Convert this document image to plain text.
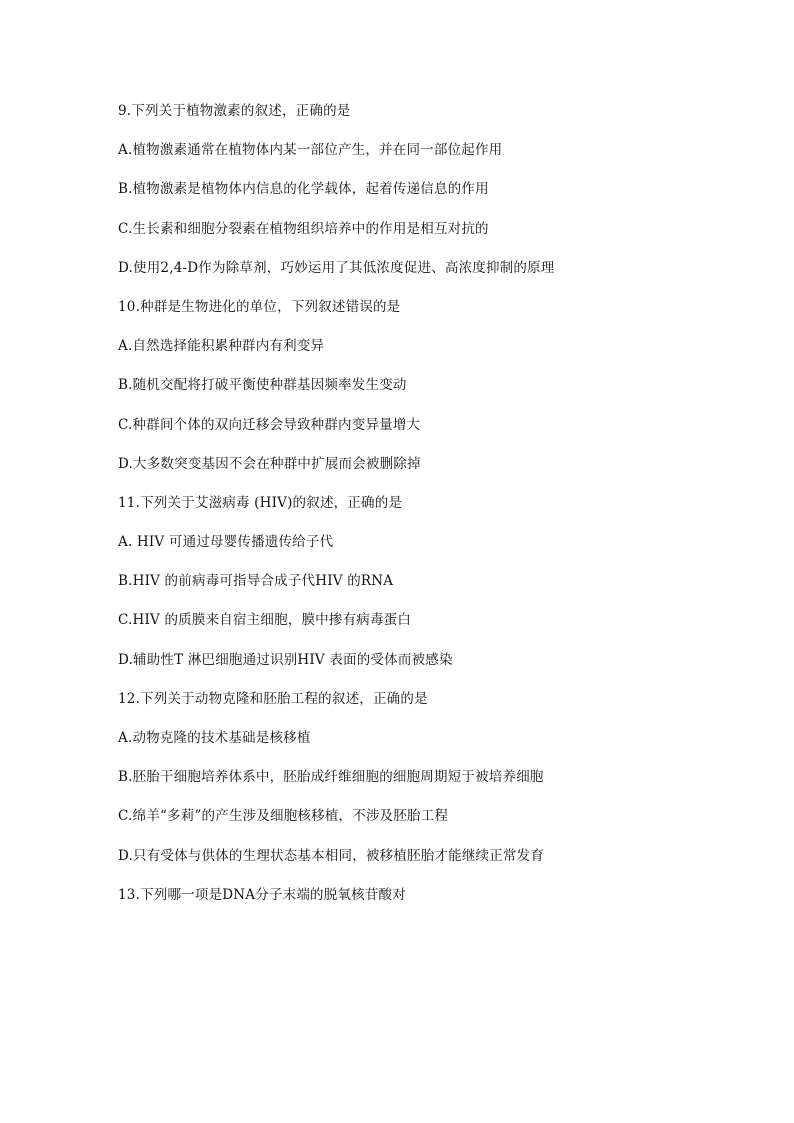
9.下列关于植物激素的叙述，正确的是
A.植物激素通常在植物体内某一部位产生，并在同一部位起作用
B.植物激素是植物体内信息的化学载体，起着传递信息的作用
C.生长素和细胞分裂素在植物组织培养中的作用是相互对抗的
D.使用2,4-D作为除草剂，巧妙运用了其低浓度促进、高浓度抑制的原理
10.种群是生物进化的单位，下列叙述错误的是
A.自然选择能积累种群内有利变异
B.随机交配将打破平衡使种群基因频率发生变动
C.种群间个体的双向迁移会导致种群内变异量增大
D.大多数突变基因不会在种群中扩展而会被删除掉
11.下列关于艾滋病毒 (HIV)的叙述，正确的是
A. HIV 可通过母婴传播遗传给子代
B.HIV 的前病毒可指导合成子代HIV 的RNA
C.HIV 的质膜来自宿主细胞，膜中掺有病毒蛋白
D.辅助性T 淋巴细胞通过识别HIV 表面的受体而被感染
12.下列关于动物克隆和胚胎工程的叙述，正确的是
A.动物克隆的技术基础是核移植
B.胚胎干细胞培养体系中，胚胎成纤维细胞的细胞周期短于被培养细胞
C.绵羊“多莉”的产生涉及细胞核移植，不涉及胚胎工程
D.只有受体与供体的生理状态基本相同，被移植胚胎才能继续正常发育
13.下列哪一项是DNA分子末端的脱氧核苷酸对
